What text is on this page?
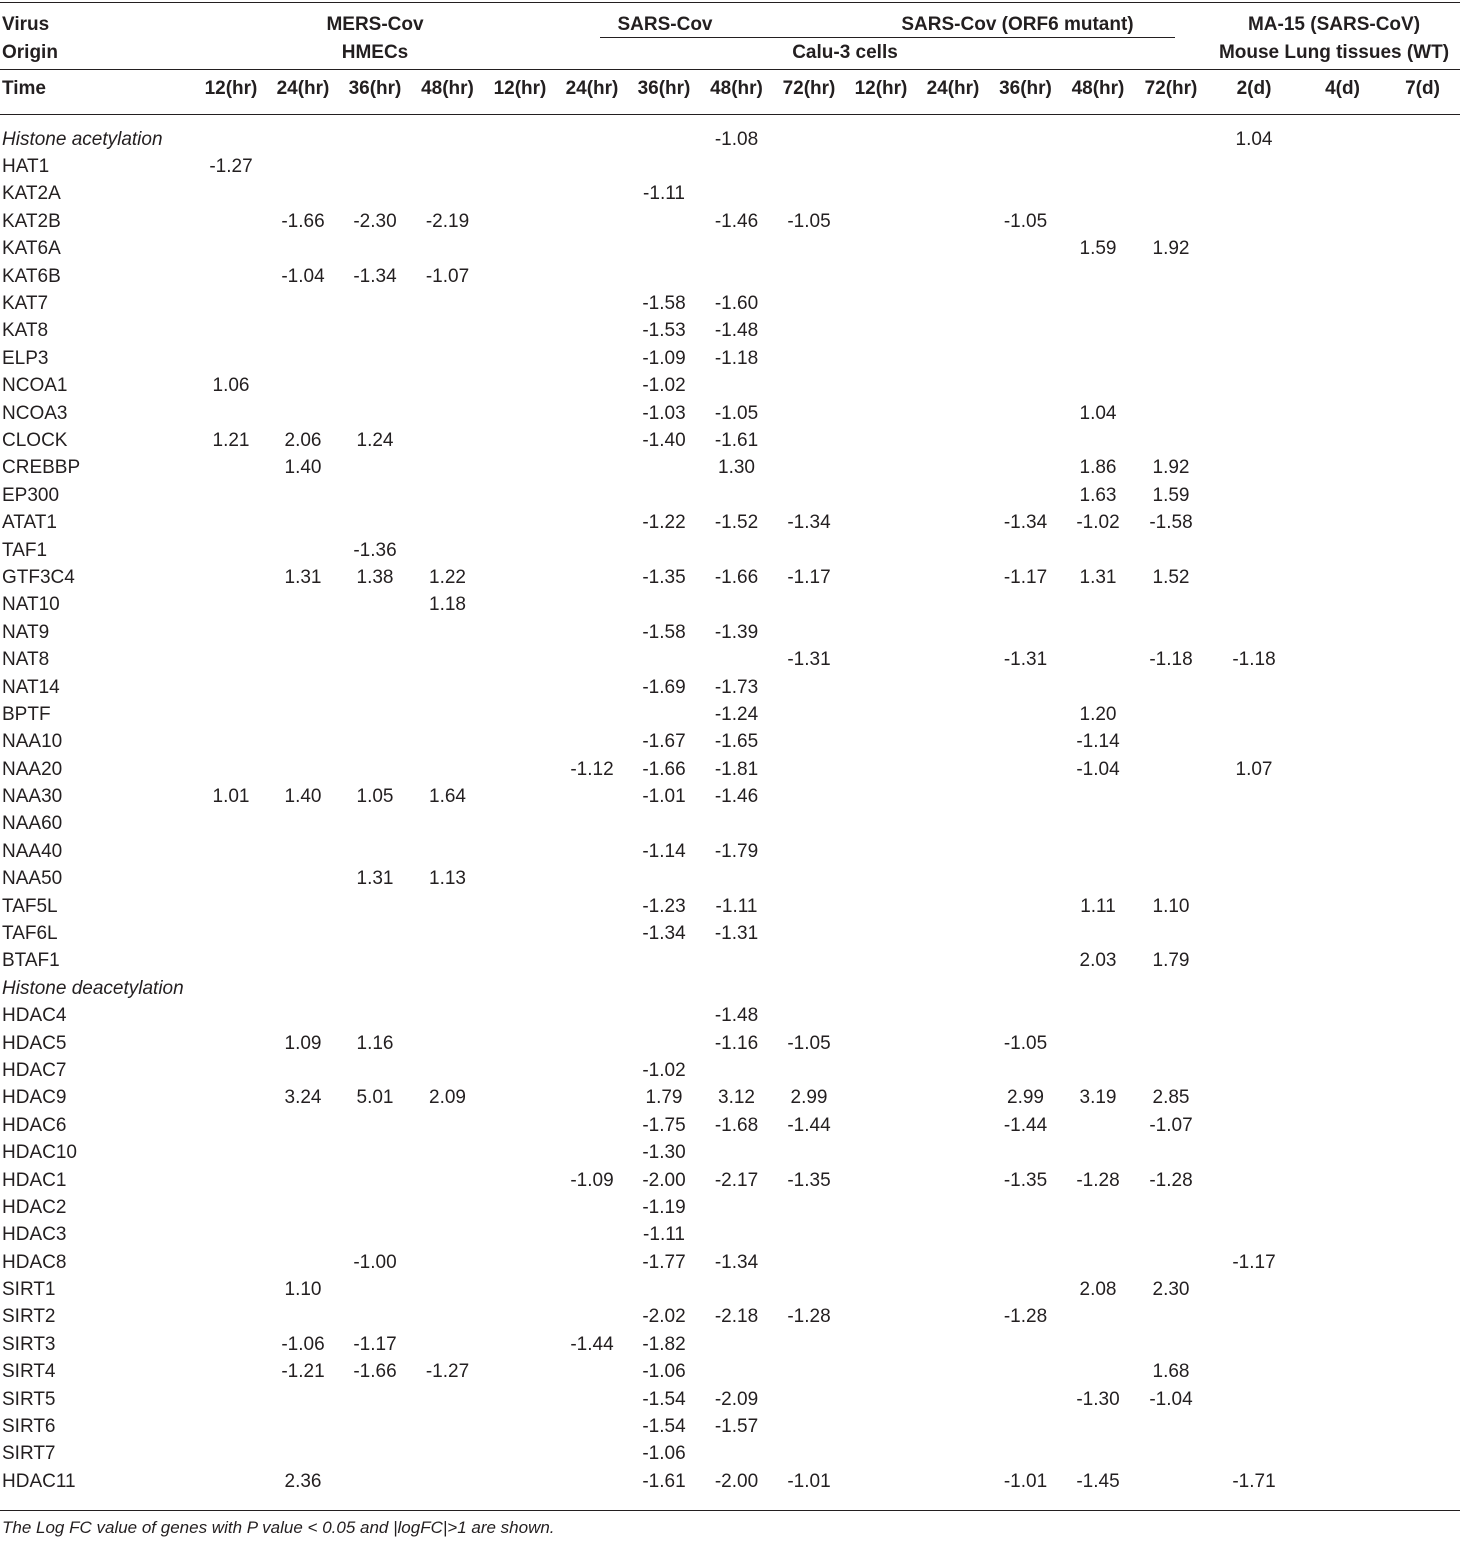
Virus	MERS-Cov	SARS-Cov	SARS-Cov (ORF6 mutant)	MA-15 (SARS-CoV)
Origin	HMECs	Calu-3 cells	Mouse Lung tissues (WT)
Time	12(hr)	24(hr)	36(hr)	48(hr)	12(hr)	24(hr)	36(hr)	48(hr)	72(hr)	12(hr)	24(hr)	36(hr)	48(hr)	72(hr)	2(d)	4(d)	7(d)
Histone acetylation								-1.08							1.04		
HAT1	-1.27																
KAT2A							-1.11										
KAT2B		-1.66	-2.30	-2.19				-1.46	-1.05			-1.05					
KAT6A													1.59	1.92			
KAT6B		-1.04	-1.34	-1.07													
KAT7							-1.58	-1.60									
KAT8							-1.53	-1.48									
ELP3							-1.09	-1.18									
NCOA1	1.06						-1.02										
NCOA3							-1.03	-1.05					1.04				
CLOCK	1.21	2.06	1.24				-1.40	-1.61									
CREBBP		1.40						1.30					1.86	1.92			
EP300													1.63	1.59			
ATAT1							-1.22	-1.52	-1.34			-1.34	-1.02	-1.58			
TAF1			-1.36														
GTF3C4		1.31	1.38	1.22			-1.35	-1.66	-1.17			-1.17	1.31	1.52			
NAT10				1.18													
NAT9							-1.58	-1.39									
NAT8									-1.31			-1.31		-1.18	-1.18		
NAT14							-1.69	-1.73									
BPTF								-1.24					1.20				
NAA10							-1.67	-1.65					-1.14				
NAA20						-1.12	-1.66	-1.81					-1.04		1.07		
NAA30	1.01	1.40	1.05	1.64			-1.01	-1.46									
NAA60																	
NAA40							-1.14	-1.79									
NAA50			1.31	1.13													
TAF5L							-1.23	-1.11					1.11	1.10			
TAF6L							-1.34	-1.31									
BTAF1													2.03	1.79			
Histone deacetylation																	
HDAC4								-1.48									
HDAC5		1.09	1.16					-1.16	-1.05			-1.05					
HDAC7							-1.02										
HDAC9		3.24	5.01	2.09			1.79	3.12	2.99			2.99	3.19	2.85			
HDAC6							-1.75	-1.68	-1.44			-1.44		-1.07			
HDAC10							-1.30										
HDAC1						-1.09	-2.00	-2.17	-1.35			-1.35	-1.28	-1.28			
HDAC2							-1.19										
HDAC3							-1.11										
HDAC8			-1.00				-1.77	-1.34							-1.17		
SIRT1		1.10											2.08	2.30			
SIRT2							-2.02	-2.18	-1.28			-1.28					
SIRT3		-1.06	-1.17			-1.44	-1.82										
SIRT4		-1.21	-1.66	-1.27			-1.06							1.68			
SIRT5							-1.54	-2.09					-1.30	-1.04			
SIRT6							-1.54	-1.57									
SIRT7							-1.06										
HDAC11		2.36					-1.61	-2.00	-1.01			-1.01	-1.45		-1.71		
The Log FC value of genes with P value < 0.05 and |logFC|>1 are shown.
